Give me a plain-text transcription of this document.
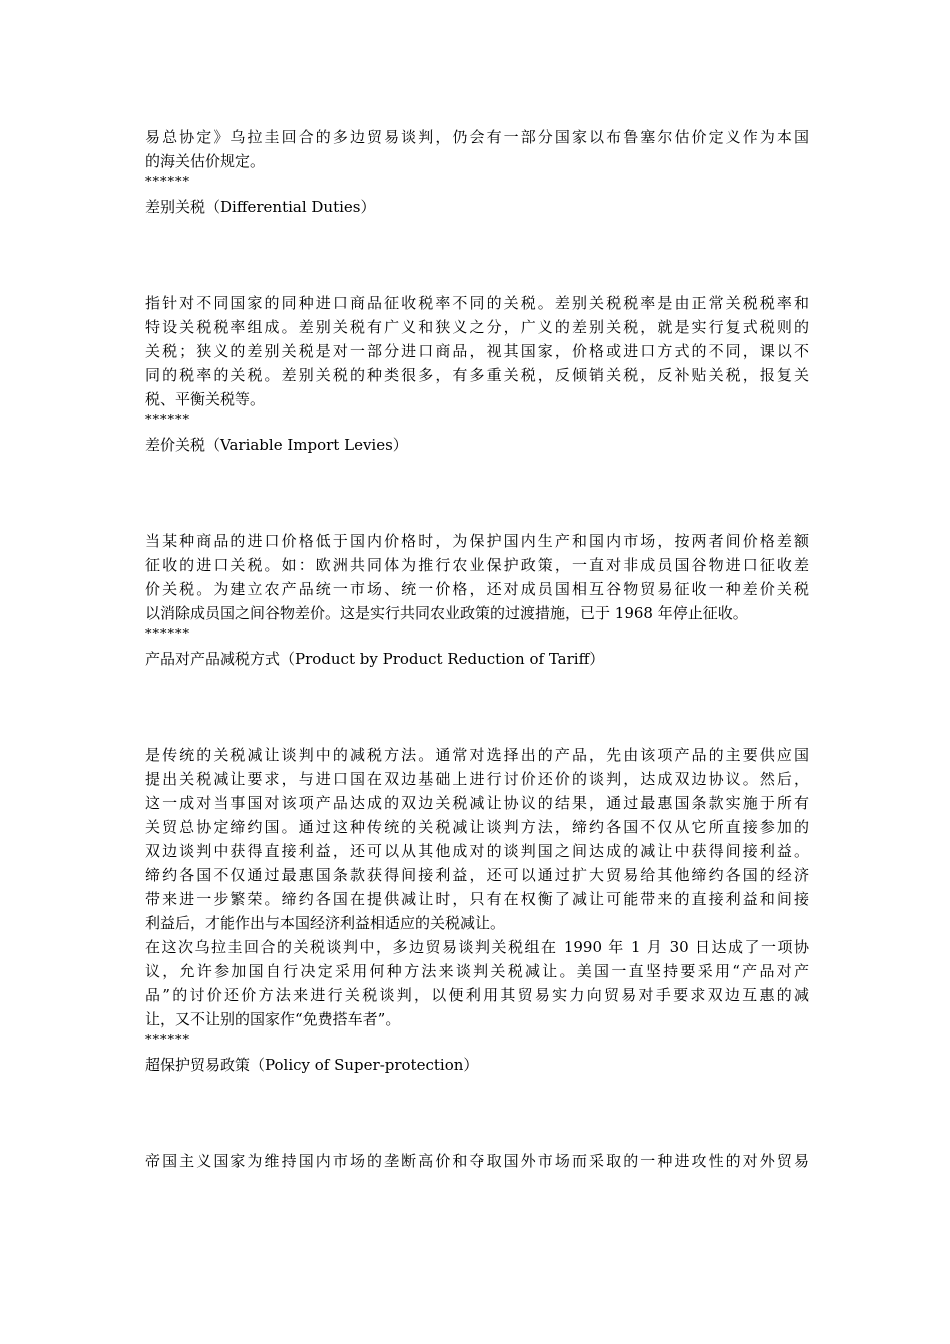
易总协定》乌拉圭回合的多边贸易谈判，仍会有一部分国家以布鲁塞尔估价定义作为本国
的海关估价规定。
******
差别关税（Differential Duties）
指针对不同国家的同种进口商品征收税率不同的关税。差别关税税率是由正常关税税率和
特设关税税率组成。差别关税有广义和狭义之分，广义的差别关税，就是实行复式税则的
关税；狭义的差别关税是对一部分进口商品，视其国家，价格或进口方式的不同，课以不
同的税率的关税。差别关税的种类很多，有多重关税，反倾销关税，反补贴关税，报复关
税、平衡关税等。
******
差价关税（Variable Import Levies）
当某种商品的进口价格低于国内价格时，为保护国内生产和国内市场，按两者间价格差额
征收的进口关税。如：欧洲共同体为推行农业保护政策，一直对非成员国谷物进口征收差
价关税。为建立农产品统一市场、统一价格，还对成员国相互谷物贸易征收一种差价关税
以消除成员国之间谷物差价。这是实行共同农业政策的过渡措施，已于 1968 年停止征收。
******
产品对产品减税方式（Product by Product Reduction of Tariff）
是传统的关税减让谈判中的减税方法。通常对选择出的产品，先由该项产品的主要供应国
提出关税减让要求，与进口国在双边基础上进行讨价还价的谈判，达成双边协议。然后，
这一成对当事国对该项产品达成的双边关税减让协议的结果，通过最惠国条款实施于所有
关贸总协定缔约国。通过这种传统的关税减让谈判方法，缔约各国不仅从它所直接参加的
双边谈判中获得直接利益，还可以从其他成对的谈判国之间达成的减让中获得间接利益。
缔约各国不仅通过最惠国条款获得间接利益，还可以通过扩大贸易给其他缔约各国的经济
带来进一步繁荣。缔约各国在提供减让时，只有在权衡了减让可能带来的直接利益和间接
利益后，才能作出与本国经济利益相适应的关税减让。
在这次乌拉圭回合的关税谈判中，多边贸易谈判关税组在 1990 年 1 月 30 日达成了一项协
议，允许参加国自行决定采用何种方法来谈判关税减让。美国一直坚持要采用“产品对产
品”的讨价还价方法来进行关税谈判，以便利用其贸易实力向贸易对手要求双边互惠的减
让，又不让别的国家作“免费搭车者”。
******
超保护贸易政策（Policy of Super-protection）
帝国主义国家为维持国内市场的垄断高价和夺取国外市场而采取的一种进攻性的对外贸易
